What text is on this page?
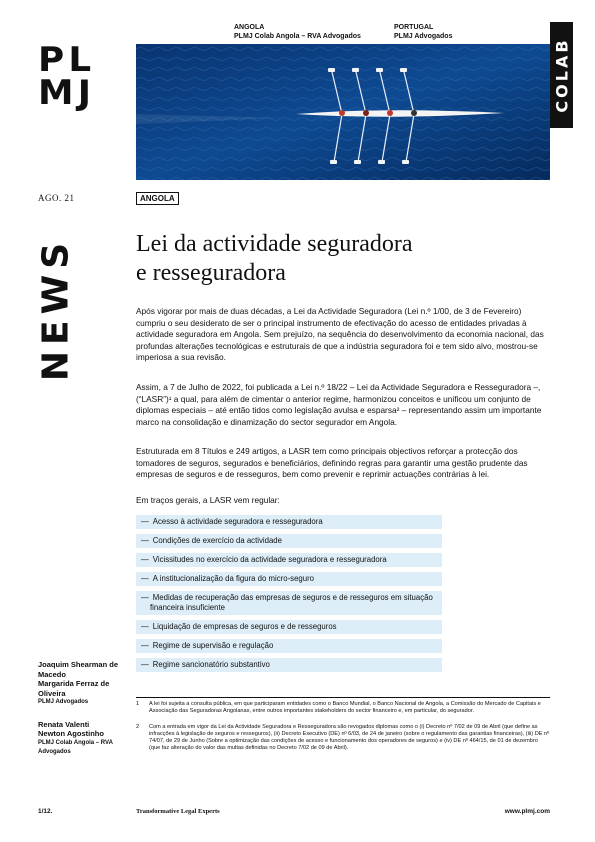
PL
MJ
ANGOLA
PLMJ Colab Angola – RVA Advogados
PORTUGAL
PLMJ Advogados
COLAB
AGO. 21	ANGOLA
NEWS Lei da actividade seguradora
e resseguradora
Após vigorar por mais de duas décadas, a Lei da Actividade Seguradora (Lei n.º 1/00, de 3 de Fevereiro) cumpriu o seu desiderato de ser o principal instrumento de efectivação do acesso de entidades privadas à actividade seguradora em Angola. Sem prejuízo, na sequência do desenvolvimento da economia nacional, das profundas alterações tecnológicas e estruturais de que a indústria seguradora foi e tem sido alvo, mostrou-se imperiosa a sua revisão.
Assim, a 7 de Julho de 2022, foi publicada a Lei n.º 18/22 – Lei da Actividade Seguradora e Resseguradora –, (“LASR”)¹ a qual, para além de cimentar o anterior regime, harmonizou conceitos e unificou um conjunto de diplomas especiais – até então tidos como legislação avulsa e esparsa² – representando assim um importante marco na consolidação e dinamização do sector segurador em Angola.
Estruturada em 8 Títulos e 249 artigos, a LASR tem como principais objectivos reforçar a protecção dos tomadores de seguros, segurados e beneficiários, definindo regras para garantir uma gestão prudente das empresas de seguros e de resseguros, bem como prevenir e reprimir actuações contrárias à lei.
Em traços gerais, a LASR vem regular:
— Acesso à actividade seguradora e resseguradora
— Condições de exercício da actividade
— Vicissitudes no exercício da actividade seguradora e resseguradora
— A institucionalização da figura do micro-seguro
— Medidas de recuperação das empresas de seguros e de resseguros em situação financeira insuficiente
— Liquidação de empresas de seguros e de resseguros
— Regime de supervisão e regulação
— Regime sancionatório substantivo
Joaquim Shearman de Macedo
Margarida Ferraz de Oliveira
PLMJ Advogados
Renata Valenti
Newton Agostinho
PLMJ Colab Angola – RVA Advogados
1 A lei foi sujeita a consulta pública, em que participaram entidades como o Banco Mundial, o Banco Nacional de Angola, a Comissão do Mercado de Capitais e Associação das Seguradoras Angolanas, entre outros importantes stakeholders do sector financeiro e, em particular, do segurador.
2 Com a entrada em vigor da Lei da Actividade Seguradora e Resseguradora são revogados diplomas como o (i) Decreto nº 7/02 de 09 de Abril (que define as infracções à legislação de seguros e resseguros), (ii) Decreto Executivo (DE) nº 6/03, de 24 de janeiro (sobre o regulamento das garantias financeiras), (iii) DE nº 74/07, de 29 de Junho (Sobre a optimização das condições de acesso e funcionamento dos operadores de seguros) e (iv) DE nº 464/15, de 01 de dezembro (que faz alteração do valor das multas definidas no Decreto 7/02 de 09 de Abril).
1/12.	Transformative Legal Experts	www.plmj.com
